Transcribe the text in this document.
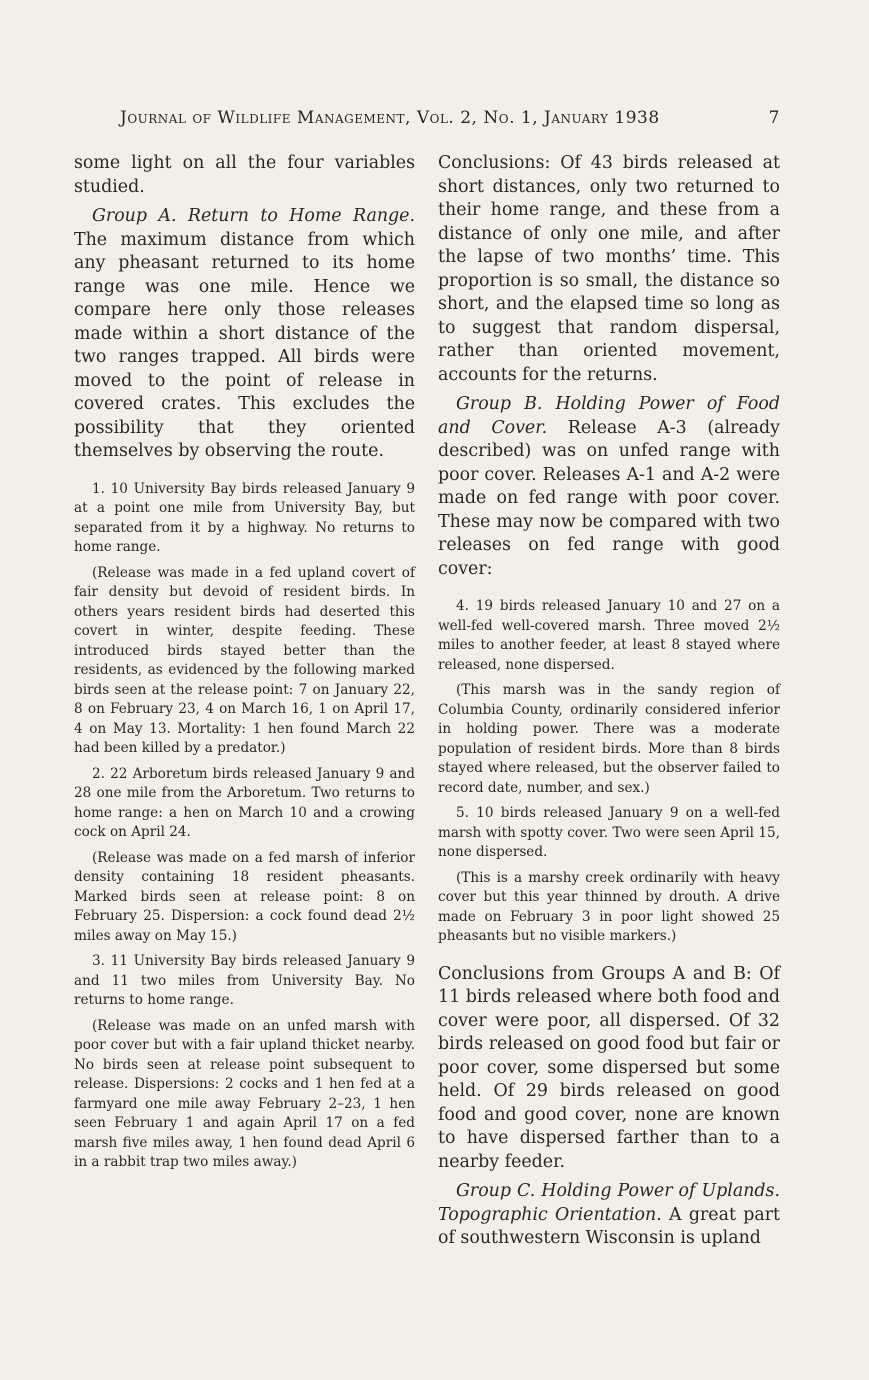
Journal of Wildlife Management, Vol. 2, No. 1, January 1938	7

some light on all the four variables studied.

Group A. Return to Home Range. The maximum distance from which any pheasant returned to its home range was one mile. Hence we compare here only those releases made within a short distance of the two ranges trapped. All birds were moved to the point of release in covered crates. This excludes the possibility that they oriented themselves by observing the route.

1. 10 University Bay birds released January 9 at a point one mile from University Bay, but separated from it by a highway. No returns to home range.

(Release was made in a fed upland covert of fair density but devoid of resident birds. In others years resident birds had deserted this covert in winter, despite feeding. These introduced birds stayed better than the residents, as evidenced by the following marked birds seen at the release point: 7 on January 22, 8 on February 23, 4 on March 16, 1 on April 17, 4 on May 13. Mortality: 1 hen found March 22 had been killed by a predator.)

2. 22 Arboretum birds released January 9 and 28 one mile from the Arboretum. Two returns to home range: a hen on March 10 and a crowing cock on April 24.

(Release was made on a fed marsh of inferior density containing 18 resident pheasants. Marked birds seen at release point: 8 on February 25. Dispersion: a cock found dead 2½ miles away on May 15.)

3. 11 University Bay birds released January 9 and 11 two miles from University Bay. No returns to home range.

(Release was made on an unfed marsh with poor cover but with a fair upland thicket nearby. No birds seen at release point subsequent to release. Dispersions: 2 cocks and 1 hen fed at a farmyard one mile away February 2–23, 1 hen seen February 1 and again April 17 on a fed marsh five miles away, 1 hen found dead April 6 in a rabbit trap two miles away.)

Conclusions: Of 43 birds released at short distances, only two returned to their home range, and these from a distance of only one mile, and after the lapse of two months’ time. This proportion is so small, the distance so short, and the elapsed time so long as to suggest that random dispersal, rather than oriented movement, accounts for the returns.

Group B. Holding Power of Food and Cover. Release A-3 (already described) was on unfed range with poor cover. Releases A-1 and A-2 were made on fed range with poor cover. These may now be compared with two releases on fed range with good cover:

4. 19 birds released January 10 and 27 on a well-fed well-covered marsh. Three moved 2½ miles to another feeder, at least 8 stayed where released, none dispersed.

(This marsh was in the sandy region of Columbia County, ordinarily considered inferior in holding power. There was a moderate population of resident birds. More than 8 birds stayed where released, but the observer failed to record date, number, and sex.)

5. 10 birds released January 9 on a well-fed marsh with spotty cover. Two were seen April 15, none dispersed.

(This is a marshy creek ordinarily with heavy cover but this year thinned by drouth. A drive made on February 3 in poor light showed 25 pheasants but no visible markers.)

Conclusions from Groups A and B: Of 11 birds released where both food and cover were poor, all dispersed. Of 32 birds released on good food but fair or poor cover, some dispersed but some held. Of 29 birds released on good food and good cover, none are known to have dispersed farther than to a nearby feeder.

Group C. Holding Power of Uplands. Topographic Orientation. A great part of southwestern Wisconsin is upland
